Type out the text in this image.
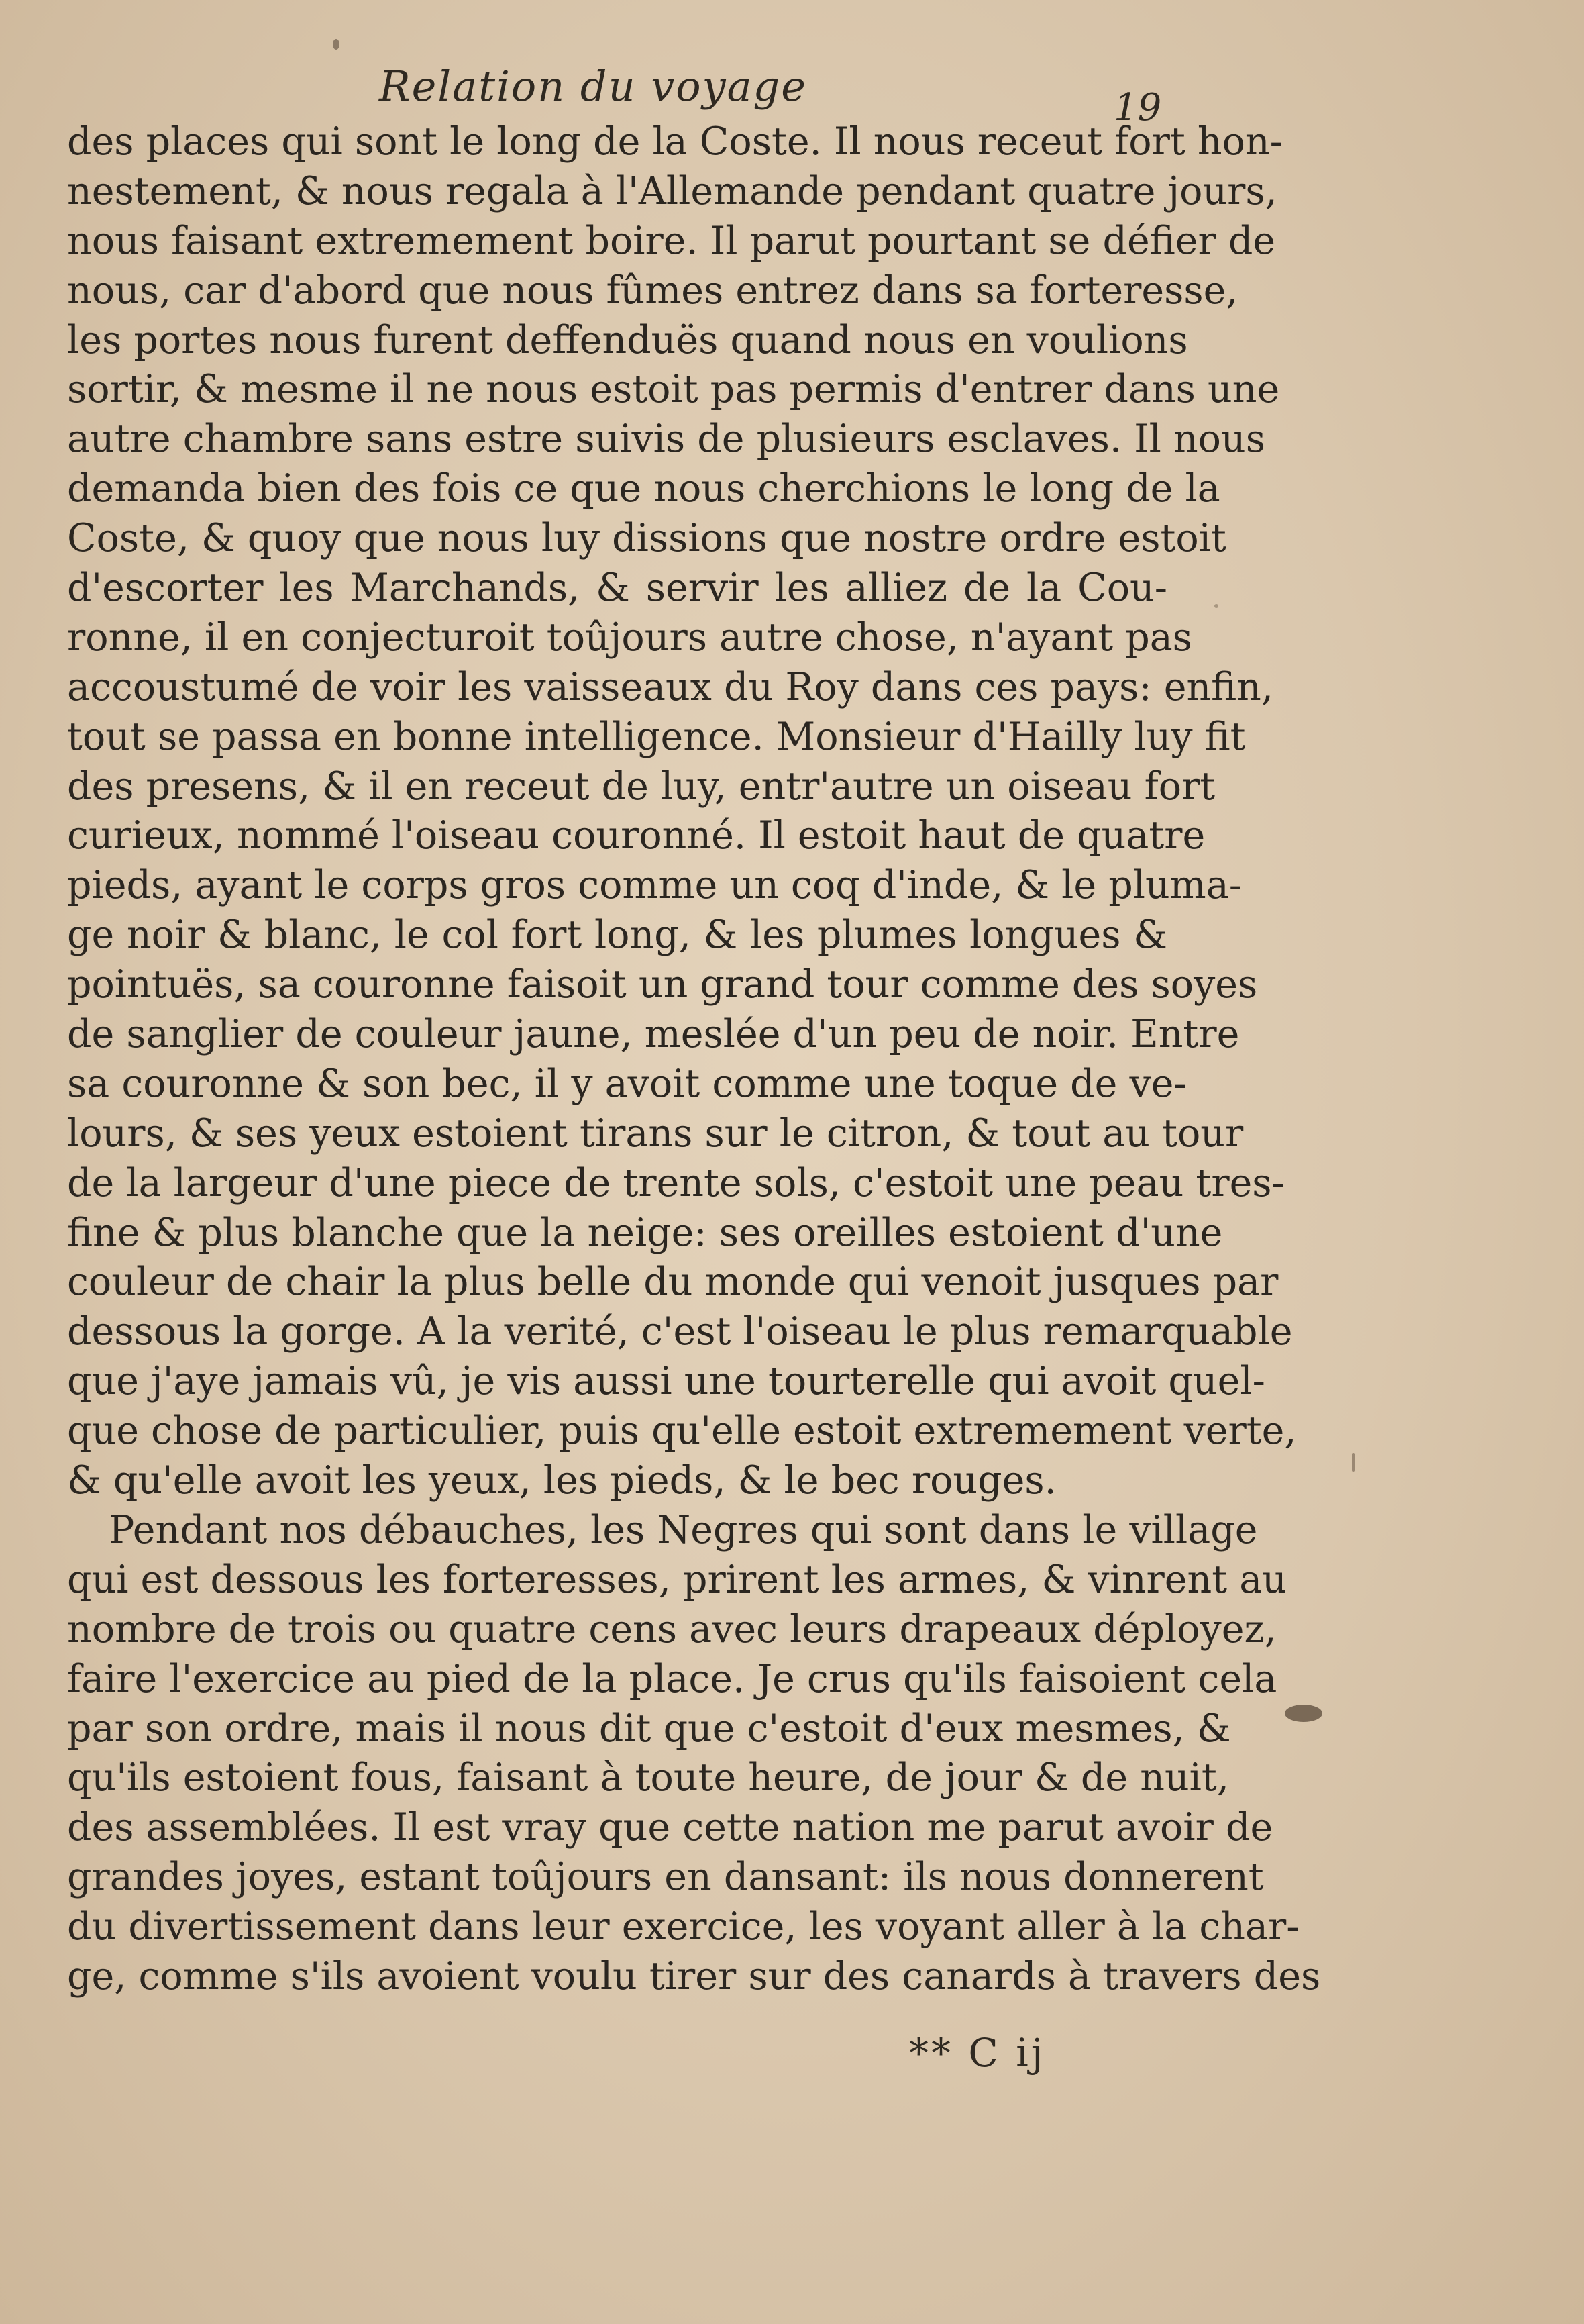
Relation du voyage	19
des places qui sont le long de la Coste. Il nous receut fort hon-
nestement, & nous regala à l'Allemande pendant quatre jours,
nous faisant extremement boire. Il parut pourtant se défier de
nous, car d'abord que nous fûmes entrez dans sa forteresse,
les portes nous furent deffenduës quand nous en voulions
sortir, & mesme il ne nous estoit pas permis d'entrer dans une
autre chambre sans estre suivis de plusieurs esclaves. Il nous
demanda bien des fois ce que nous cherchions le long de la
Coste, & quoy que nous luy dissions que nostre ordre estoit
d'escorter les Marchands, & servir les alliez de la Cou-
ronne, il en conjecturoit toûjours autre chose, n'ayant pas
accoustumé de voir les vaisseaux du Roy dans ces pays: enfin,
tout se passa en bonne intelligence. Monsieur d'Hailly luy fit
des presens, & il en receut de luy, entr'autre un oiseau fort
curieux, nommé l'oiseau couronné. Il estoit haut de quatre
pieds, ayant le corps gros comme un coq d'inde, & le pluma-
ge noir & blanc, le col fort long, & les plumes longues &
pointuës, sa couronne faisoit un grand tour comme des soyes
de sanglier de couleur jaune, meslée d'un peu de noir. Entre
sa couronne & son bec, il y avoit comme une toque de ve-
lours, & ses yeux estoient tirans sur le citron, & tout au tour
de la largeur d'une piece de trente sols, c'estoit une peau tres-
fine & plus blanche que la neige: ses oreilles estoient d'une
couleur de chair la plus belle du monde qui venoit jusques par
dessous la gorge. A la verité, c'est l'oiseau le plus remarquable
que j'aye jamais vû, je vis aussi une tourterelle qui avoit quel-
que chose de particulier, puis qu'elle estoit extremement verte,
& qu'elle avoit les yeux, les pieds, & le bec rouges.
Pendant nos débauches, les Negres qui sont dans le village
qui est dessous les forteresses, prirent les armes, & vinrent au
nombre de trois ou quatre cens avec leurs drapeaux déployez,
faire l'exercice au pied de la place. Je crus qu'ils faisoient cela
par son ordre, mais il nous dit que c'estoit d'eux mesmes, &
qu'ils estoient fous, faisant à toute heure, de jour & de nuit,
des assemblées. Il est vray que cette nation me parut avoir de
grandes joyes, estant toûjours en dansant: ils nous donnerent
du divertissement dans leur exercice, les voyant aller à la char-
ge, comme s'ils avoient voulu tirer sur des canards à travers des
** C ij
